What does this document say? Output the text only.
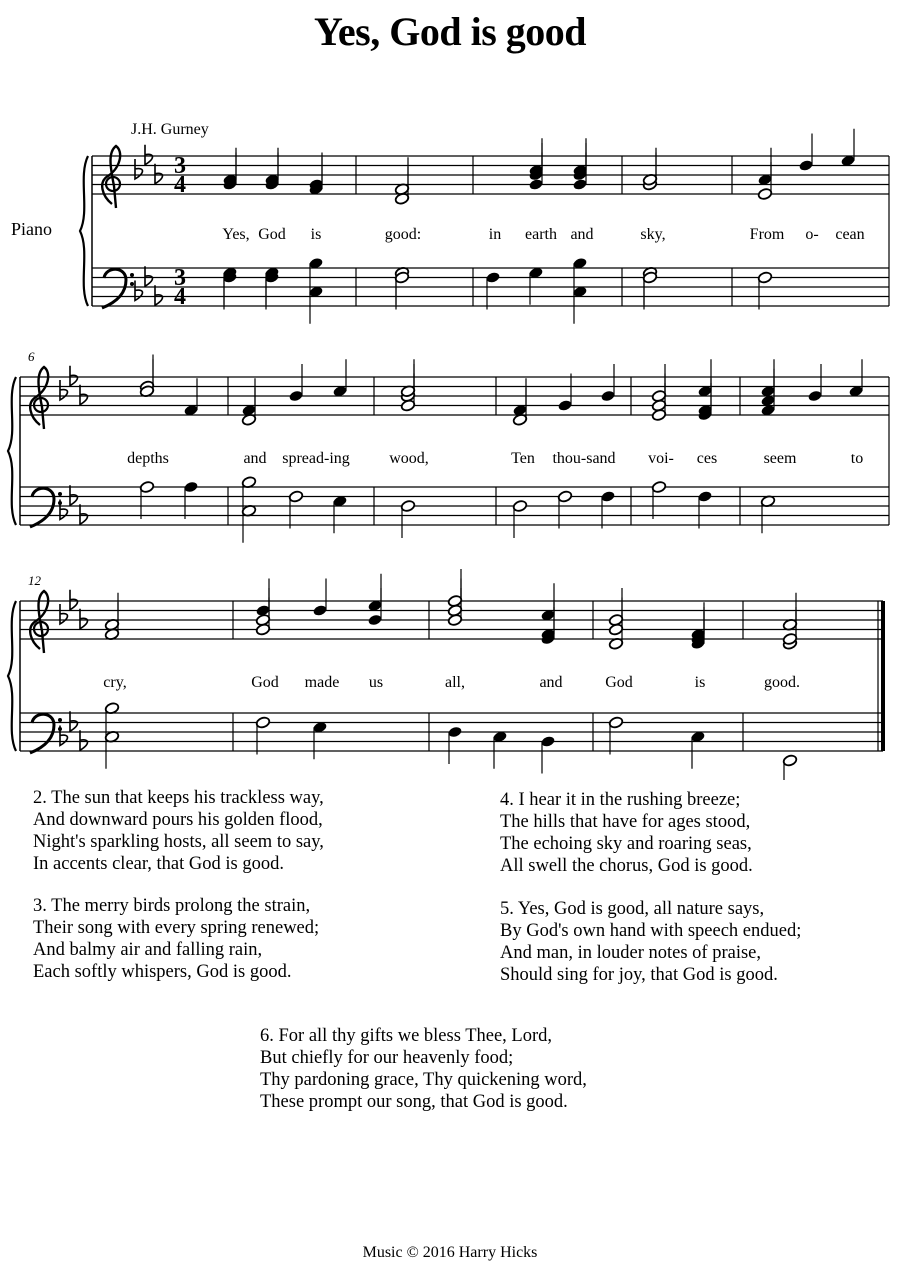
Yes, God is good
J.H. Gurney
Piano
6
12
3
4
3
4
Yes, God is	good:	in earth and	sky,	From o- cean
depths	and spread-ing wood,	Ten thou-sand voi- ces	seem	to
cry,	God made us	all,	and	God	is	good.
2. The sun that keeps his trackless way,
And downward pours his golden flood,
Night's sparkling hosts, all seem to say,
In accents clear, that God is good.
3. The merry birds prolong the strain,
Their song with every spring renewed;
And balmy air and falling rain,
Each softly whispers, God is good.
4. I hear it in the rushing breeze;
The hills that have for ages stood,
The echoing sky and roaring seas,
All swell the chorus, God is good.
5. Yes, God is good, all nature says,
By God's own hand with speech endued;
And man, in louder notes of praise,
Should sing for joy, that God is good.
6. For all thy gifts we bless Thee, Lord,
But chiefly for our heavenly food;
Thy pardoning grace, Thy quickening word,
These prompt our song, that God is good.
Music © 2016 Harry Hicks
